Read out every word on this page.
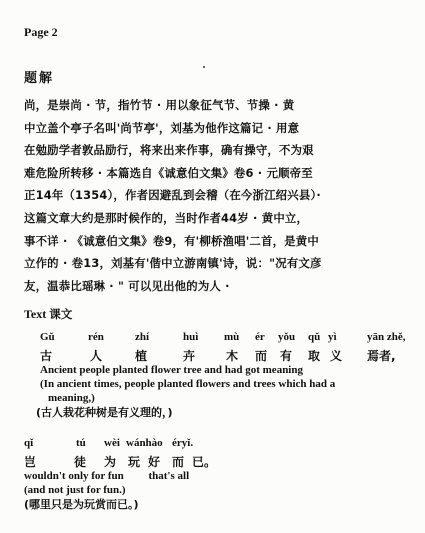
Page 2
题解
尚，是崇尚 · 节，指竹节 · 用以象征气节、节操 · 黄
中立盖个亭子名叫'尚节亭'，刘基为他作这篇记 · 用意
在勉励学者敦品励行，将来出来作事，确有操守，不为艰
难危险所转移 · 本篇选自《诚意伯文集》卷6 · 元顺帝至
正14年（1354），作者因避乱到会稽（在今浙江绍兴县）·
这篇文章大约是那时候作的，当时作者44岁 · 黄中立，
事不详 · 《诚意伯文集》卷9，有'柳桥渔唱'二首，是黄中
立作的 · 卷13，刘基有'偕中立游南镇'诗，说："况有文彦
友，温恭比瑶琳 · " 可以见出他的为人 ·
Text 课文
Gǔ	rén	zhí	huì mù ér yǒu qǔ yì	yān zhě,
古	人	植	卉	木 而 有 取 义 焉者,
Ancient people planted flower tree and had got meaning
(In ancient times, people planted flowers and trees which had a
meaning,)
(古人栽花种树是有义理的，)
qǐ	tú wèi wánhào éryǐ.
岂	徒 为 玩 好 而 已。
wouldn't only for fun         that's all
(and not just for fun.)
(哪里只是为玩赏而已。)
